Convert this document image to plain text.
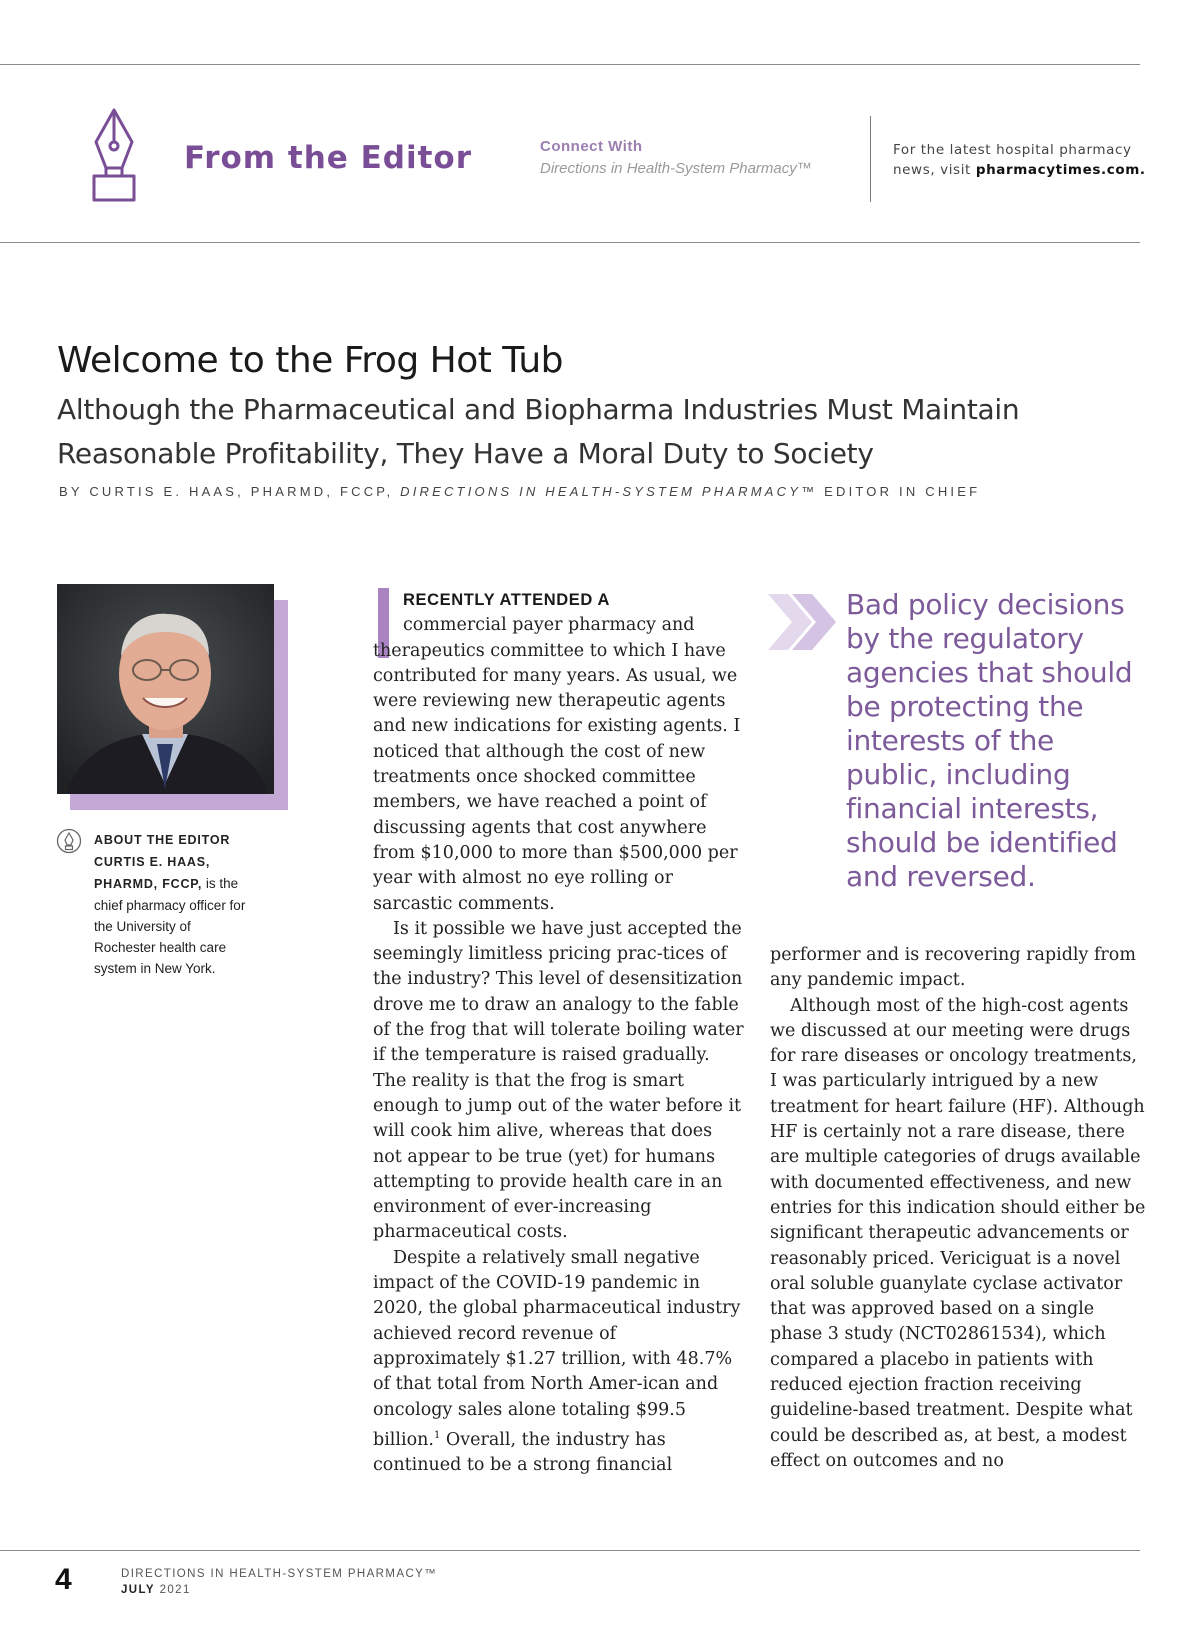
From the Editor	Connect With
Directions in Health-System Pharmacy™
For the latest hospital pharmacy
news, visit pharmacytimes.com.
Welcome to the Frog Hot Tub
Although the Pharmaceutical and Biopharma Industries Must Maintain Reasonable Profitability, They Have a Moral Duty to Society
BY CURTIS E. HAAS, PHARMD, FCCP, DIRECTIONS IN HEALTH-SYSTEM PHARMACY™ EDITOR IN CHIEF
ABOUT THE EDITOR
CURTIS E. HAAS, PHARMD, FCCP, is the chief pharmacy officer for the University of Rochester health care system in New York.
RECENTLY ATTENDED A

commercial payer pharmacy and therapeutics committee to which I have contributed for many years. As usual, we were reviewing new therapeutic agents and new indications for existing agents. I noticed that although the cost of new treatments once shocked committee members, we have reached a point of discussing agents that cost anywhere from $10,000 to more than $500,000 per year with almost no eye rolling or sarcastic comments.

Is it possible we have just accepted the seemingly limitless pricing prac-tices of the industry? This level of desensitization drove me to draw an analogy to the fable of the frog that will tolerate boiling water if the temperature is raised gradually. The reality is that the frog is smart enough to jump out of the water before it will cook him alive, whereas that does not appear to be true (yet) for humans attempting to provide health care in an environment of ever-increasing pharmaceutical costs.

Despite a relatively small negative impact of the COVID-19 pandemic in 2020, the global pharmaceutical industry achieved record revenue of approximately $1.27 trillion, with 48.7% of that total from North Amer-ican and oncology sales alone totaling $99.5 billion.$^1$ Overall, the industry has continued to be a strong financial

Bad policy decisions by the regulatory agencies that should be protecting the interests of the public, including financial interests, should be identified and reversed.

performer and is recovering rapidly from any pandemic impact.

Although most of the high-cost agents we discussed at our meeting were drugs for rare diseases or oncology treatments, I was particularly intrigued by a new treatment for heart failure (HF). Although HF is certainly not a rare disease, there are multiple categories of drugs available with documented effectiveness, and new entries for this indication should either be significant therapeutic advancements or reasonably priced. Vericiguat is a novel oral soluble guanylate cyclase activator that was approved based on a single phase 3 study (NCT02861534), which compared a placebo in patients with reduced ejection fraction receiving guideline-based treatment. Despite what could be described as, at best, a modest effect on outcomes and no

4	DIRECTIONS IN HEALTH-SYSTEM PHARMACY™
JULY 2021
